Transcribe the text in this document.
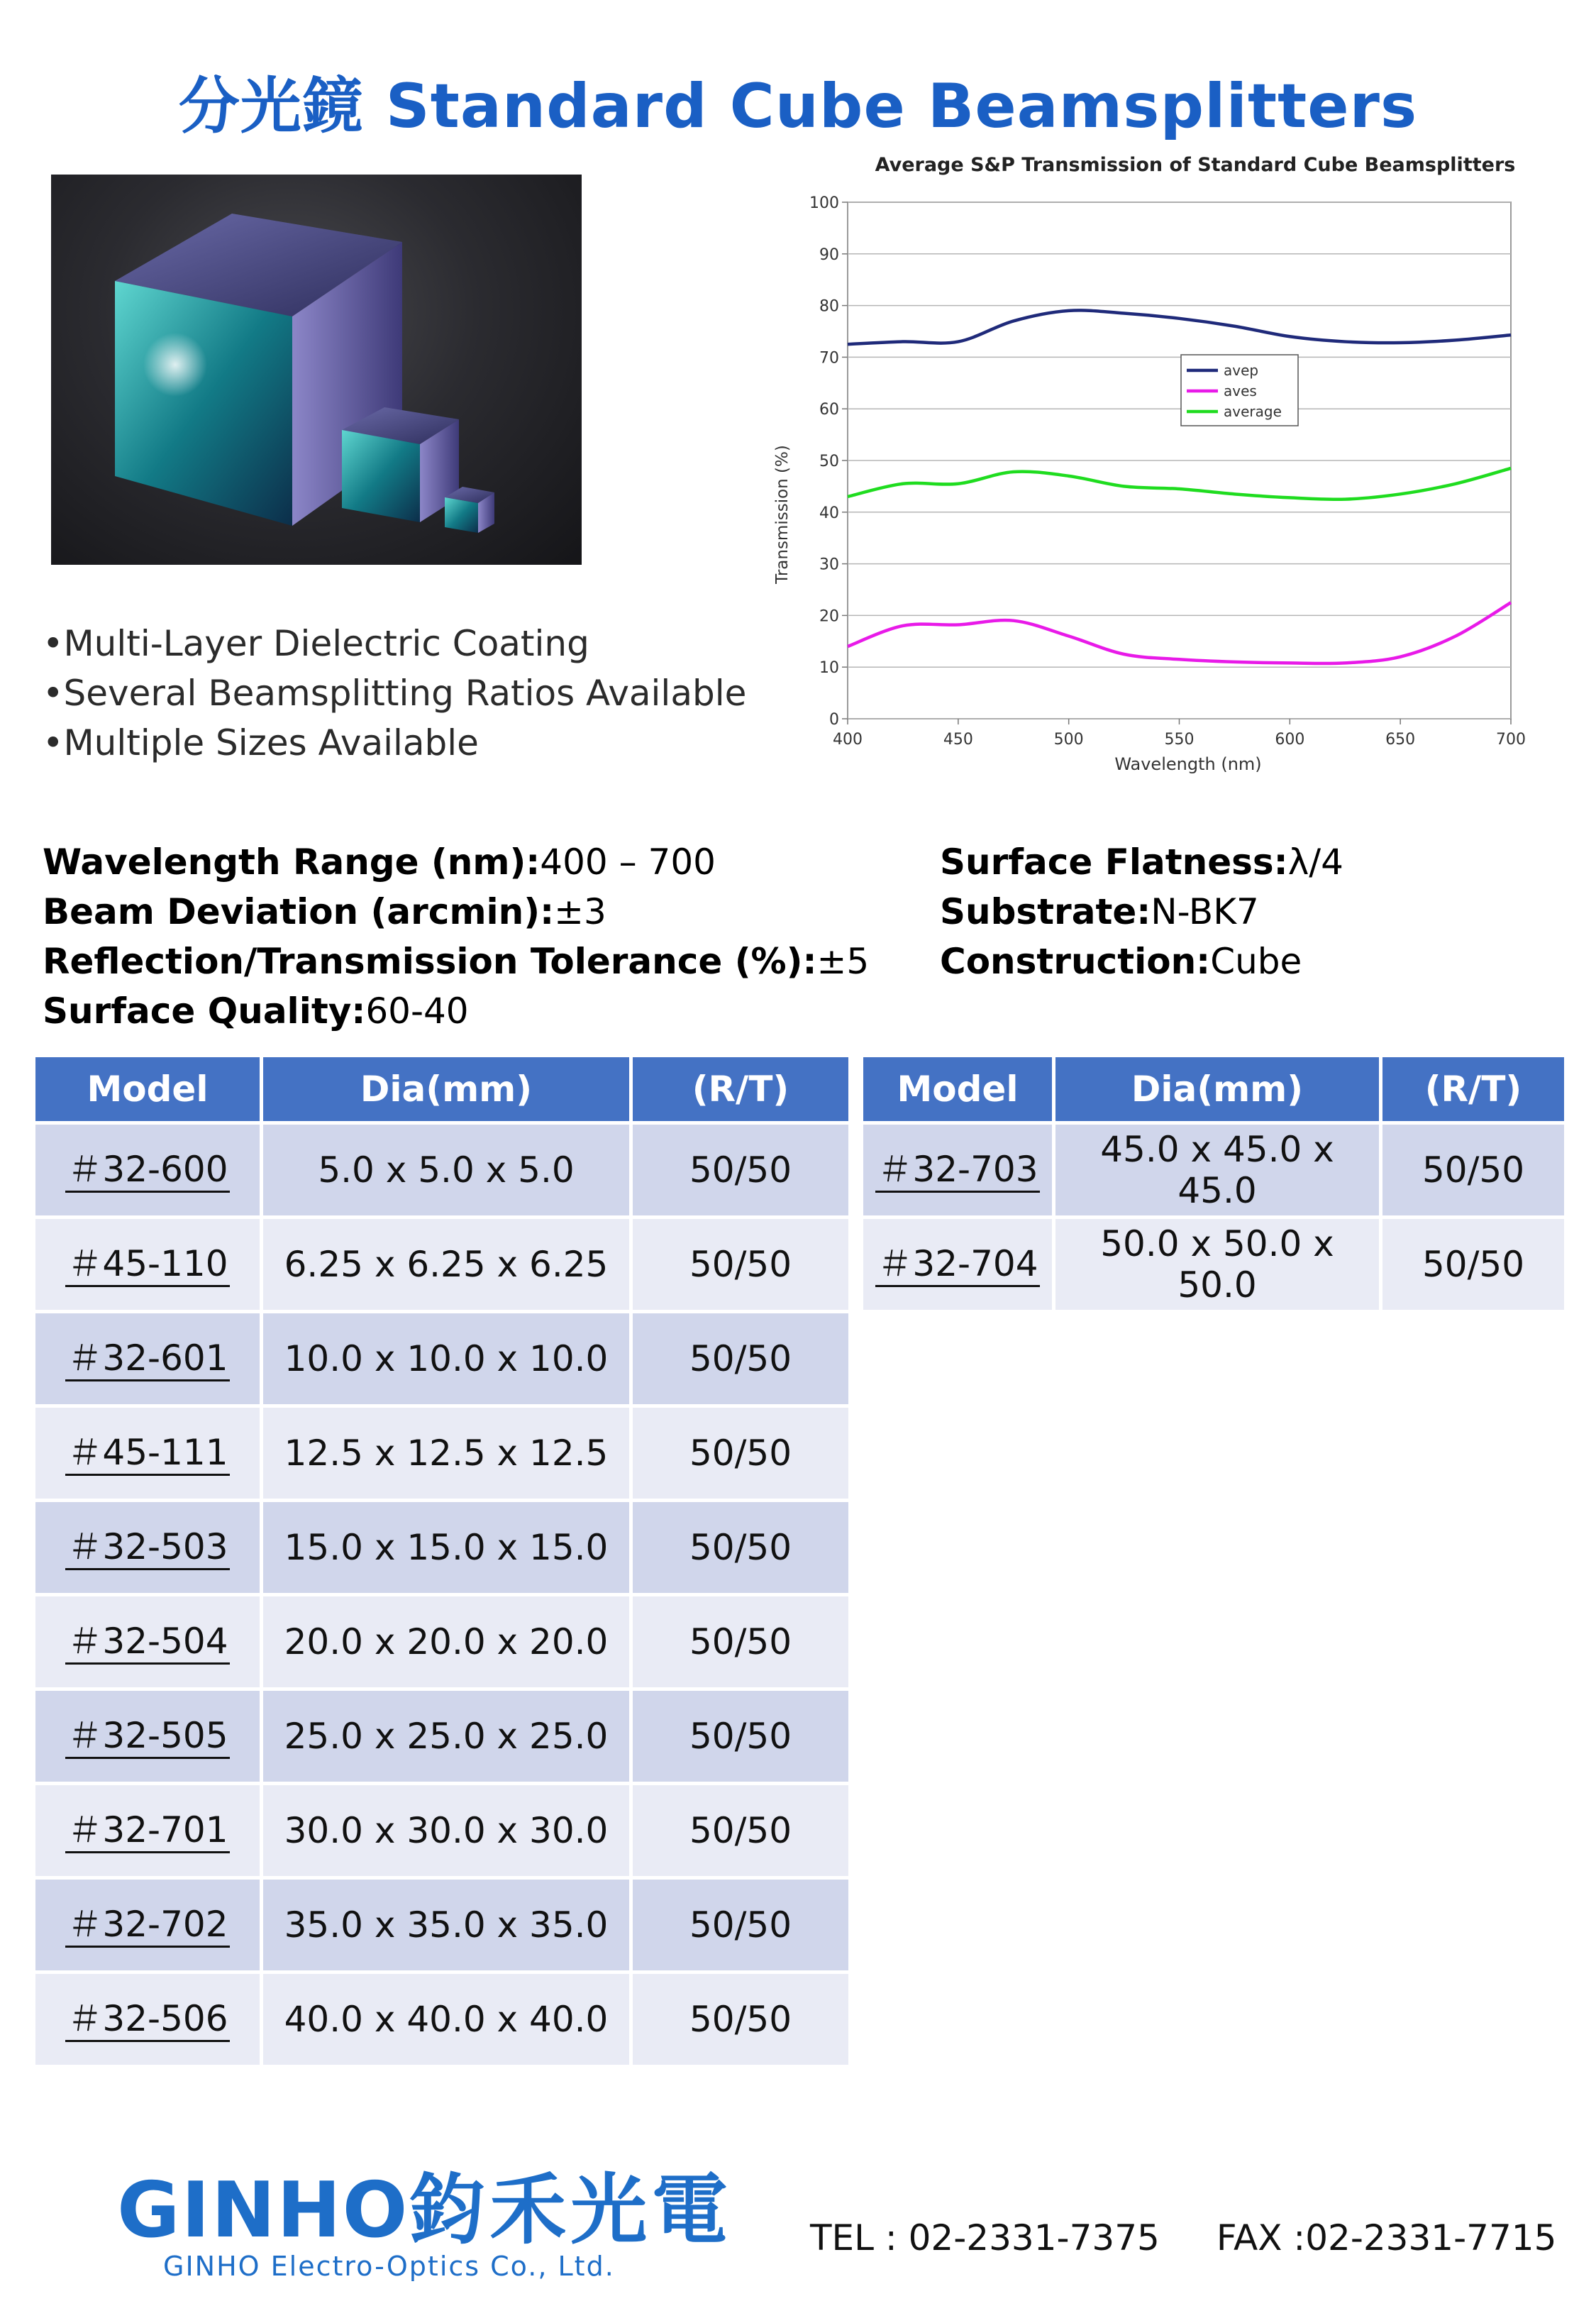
分光鏡 Standard Cube Beamsplitters
•Multi-Layer Dielectric Coating
•Several Beamsplitting Ratios Available
•Multiple Sizes Available
Average S&P Transmission of Standard Cube Beamsplitters
0
10
20
30
40
50
60
70
80
90
100
400	450	500	550	600	650	700
avep
aves
average
Wavelength (nm)
Transmission (%)
Wavelength Range (nm):400 – 700
Beam Deviation (arcmin):±3
Reflection/Transmission Tolerance (%):±5
Surface Quality:60-40
Surface Flatness:λ/4
Substrate:N-BK7
Construction:Cube
Model	Dia(mm)	(R/T)
＃32-600	5.0 x 5.0 x 5.0	50/50
＃45-110	6.25 x 6.25 x 6.25	50/50
＃32-601	10.0 x 10.0 x 10.0	50/50
＃45-111	12.5 x 12.5 x 12.5	50/50
＃32-503	15.0 x 15.0 x 15.0	50/50
＃32-504	20.0 x 20.0 x 20.0	50/50
＃32-505	25.0 x 25.0 x 25.0	50/50
＃32-701	30.0 x 30.0 x 30.0	50/50
＃32-702	35.0 x 35.0 x 35.0	50/50
＃32-506	40.0 x 40.0 x 40.0	50/50
Model	Dia(mm)	(R/T)
＃32-703	45.0 x 45.0 x 45.0	50/50
＃32-704	50.0 x 50.0 x 50.0	50/50
GINHO鈞禾光電
GINHO Electro-Optics Co., Ltd.
TEL : 02-2331-7375 FAX :02-2331-7715
